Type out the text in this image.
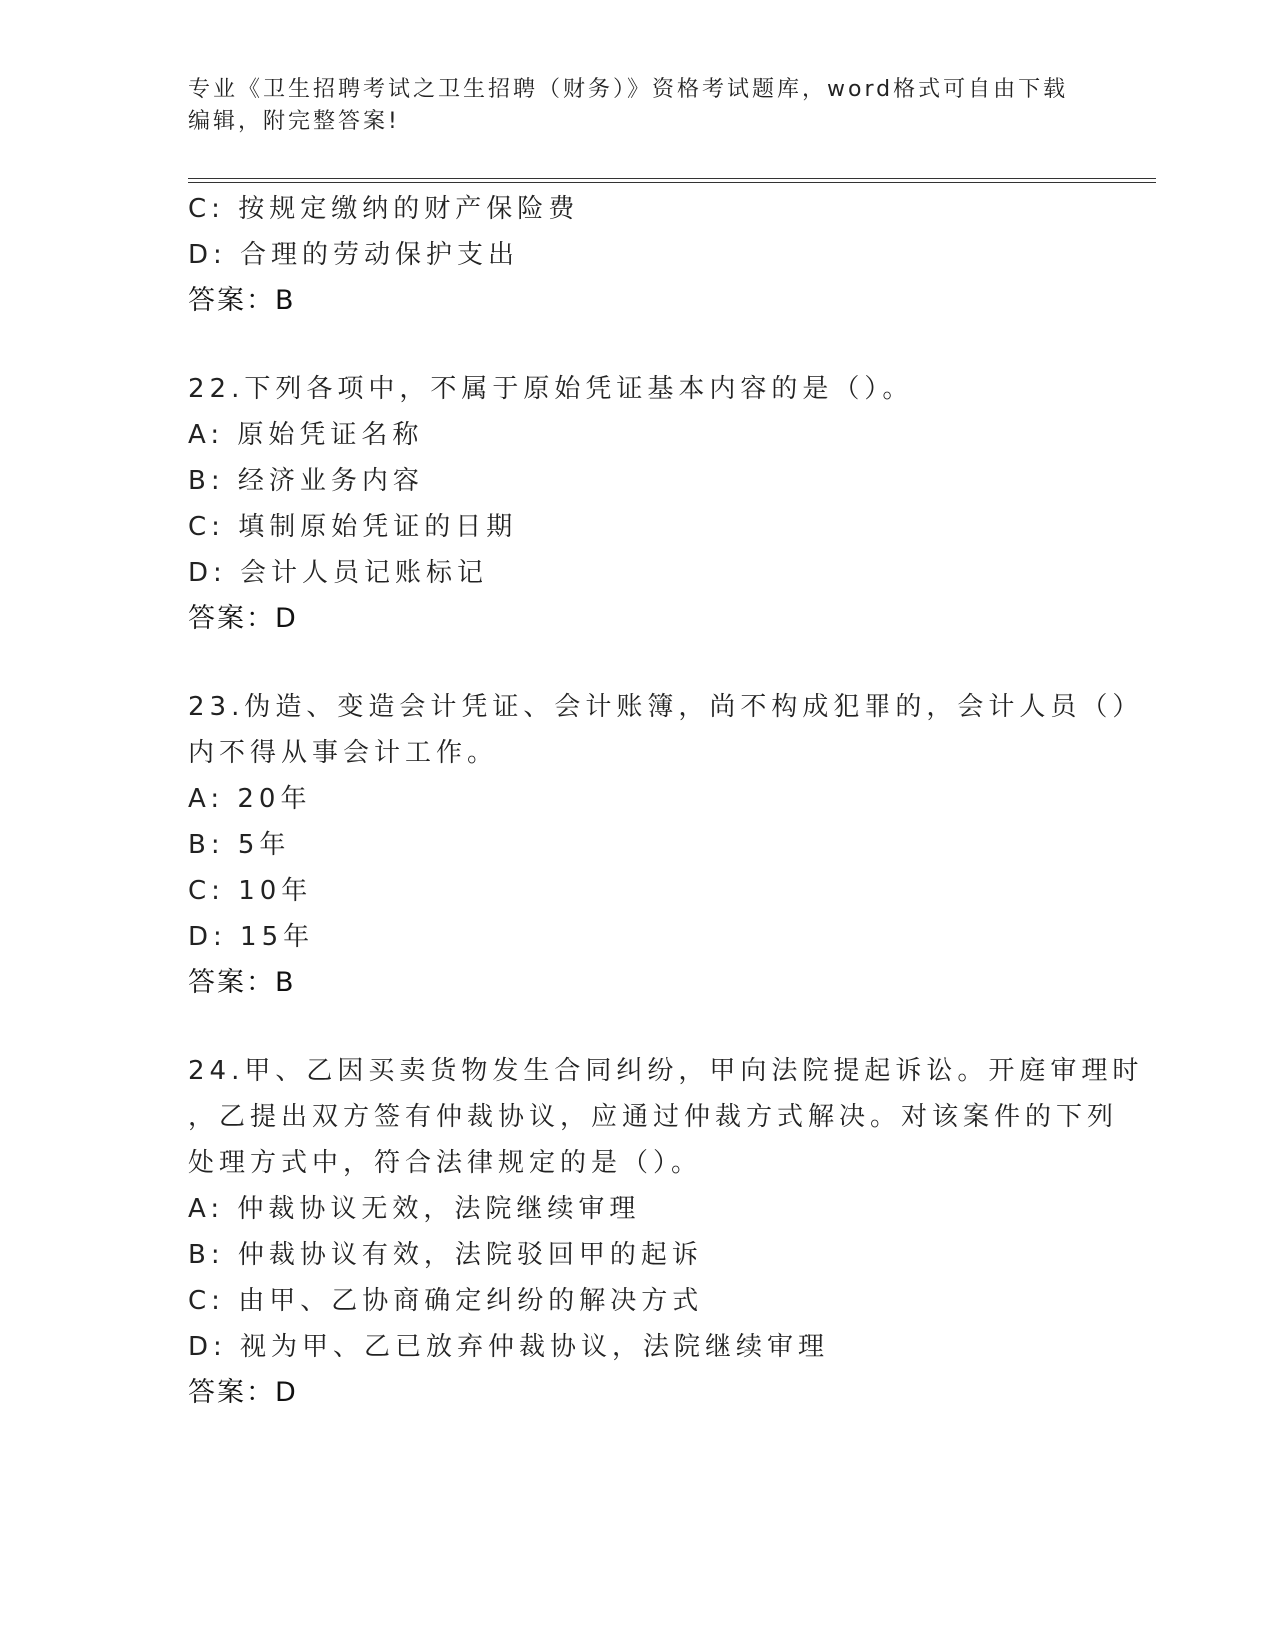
专业《卫生招聘考试之卫生招聘（财务）》资格考试题库，word格式可自由下载
编辑，附完整答案!

C: 按规定缴纳的财产保险费

D: 合理的劳动保护支出

答案：B

22.下列各项中，不属于原始凭证基本内容的是（）。

A: 原始凭证名称

B: 经济业务内容

C: 填制原始凭证的日期

D: 会计人员记账标记

答案：D

23.伪造、变造会计凭证、会计账簿，尚不构成犯罪的，会计人员（）

内不得从事会计工作。

A: 20年

B: 5年

C: 10年

D: 15年

答案：B

24.甲、乙因买卖货物发生合同纠纷，甲向法院提起诉讼。开庭审理时

，乙提出双方签有仲裁协议，应通过仲裁方式解决。对该案件的下列

处理方式中，符合法律规定的是（）。

A: 仲裁协议无效，法院继续审理

B: 仲裁协议有效，法院驳回甲的起诉

C: 由甲、乙协商确定纠纷的解决方式

D: 视为甲、乙已放弃仲裁协议，法院继续审理

答案：D
